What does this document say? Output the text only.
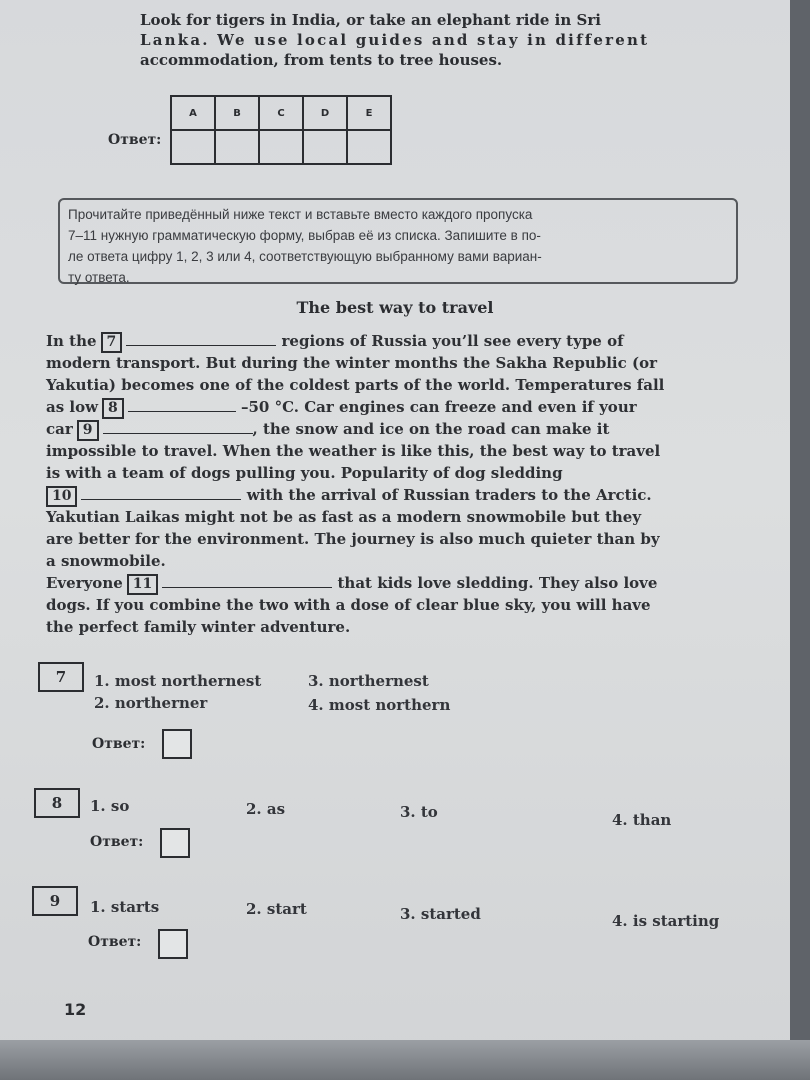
Look for tigers in India, or take an elephant ride in Sri
Lanka. We use local guides and stay in different
accommodation, from tents to tree houses.
Ответ:
A	B	C	D	E

Прочитайте приведённый ниже текст и вставьте вместо каждого пропуска
7–11 нужную грамматическую форму, выбрав её из списка. Запишите в по-
ле ответа цифру 1, 2, 3 или 4, соответствующую выбранному вами вариан-
ту ответа.
The best way to travel
In the 7	regions of Russia you’ll see every type of
modern transport. But during the winter months the Sakha Republic (or
Yakutia) becomes one of the coldest parts of the world. Temperatures fall
as low 8	–50 °C. Car engines can freeze and even if your
car 9	, the snow and ice on the road can make it
impossible to travel. When the weather is like this, the best way to travel
is with a team of dogs pulling you. Popularity of dog sledding
10	with the arrival of Russian traders to the Arctic.
Yakutian Laikas might not be as fast as a modern snowmobile but they
are better for the environment. The journey is also much quieter than by
a snowmobile.
Everyone 11	that kids love sledding. They also love
dogs. If you combine the two with a dose of clear blue sky, you will have
the perfect family winter adventure.
7	1. most northernest
2. northerner
3. northernest
4. most northern
Ответ:
8	1. so	2. as	3. to	4. than
Ответ:
9	1. starts	2. start	3. started	4. is starting
Ответ:
12
